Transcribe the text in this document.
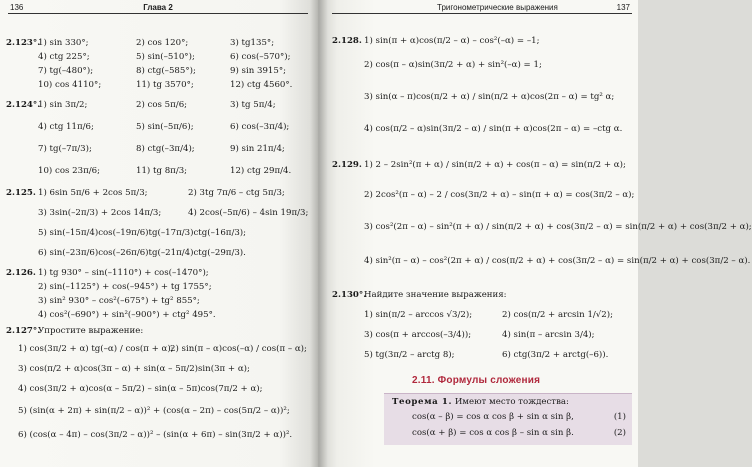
136	Глава 2
2.123°.
1) sin 330°;	2) cos 120°;	3) tg135°;
4) ctg 225°;	5) sin(–510°);	6) cos(–570°);
7) tg(–480°);	8) ctg(–585°);	9) sin 3915°;
10) cos 4110°;	11) tg 3570°;	12) ctg 4560°.
2.124°.
1) sin 3π/2;	2) cos 5π/6;	3) tg 5π/4;
4) ctg 11π/6;	5) sin(–5π/6);	6) cos(–3π/4);
7) tg(–7π/3);	8) ctg(–3π/4);	9) sin 21π/4;
10) cos 23π/6;	11) tg 8π/3;	12) ctg 29π/4.
2.125. 1) 6sin 5π/6 + 2cos 5π/3;	2) 3tg 7π/6 – ctg 5π/3;
3) 3sin(–2π/3) + 2cos 14π/3;	4) 2cos(–5π/6) – 4sin 19π/3;
5) sin(–15π/4)cos(–19π/6)tg(–17π/3)ctg(–16π/3);
6) sin(–23π/6)cos(–26π/6)tg(–21π/4)ctg(–29π/3).
2.126. 1) tg 930° – sin(–1110°) + cos(–1470°);
2) sin(–1125°) + cos(–945°) + tg 1755°;
3) sin² 930° – cos²(–675°) + tg² 855°;
4) cos²(–690°) + sin²(–900°) + ctg² 495°.
2.127°.
Упростите выражение:
1) cos(3π/2 + α) tg(–α) / cos(π + α);
2) sin(π – α)cos(–α) / cos(π – α);
3) cos(π/2 + α)cos(3π – α) + sin(α – 5π/2)sin(3π + α);
4) cos(3π/2 + α)cos(α – 5π/2) – sin(α – 5π)cos(7π/2 + α);
5) (sin(α + 2π) + sin(π/2 – α))² + (cos(α – 2π) – cos(5π/2 – α))²;
6) (cos(α – 4π) – cos(3π/2 – α))² – (sin(α + 6π) – sin(3π/2 + α))².
Тригонометрические выражения	137
2.128. 1) sin(π + α)cos(π/2 – α) – cos²(–α) = –1;
2) cos(π – α)sin(3π/2 + α) + sin²(–α) = 1;
3) sin(α – π)cos(π/2 + α) / sin(π/2 + α)cos(2π – α) = tg² α;
4) cos(π/2 – α)sin(3π/2 – α) / sin(π + α)cos(2π – α) = –ctg α.
2.129. 1) 2 – 2sin²(π + α) / sin(π/2 + α) + cos(π – α) = sin(π/2 + α);
2) 2cos²(π – α) – 2 / cos(3π/2 + α) – sin(π + α) = cos(3π/2 – α);
3) cos²(2π – α) – sin²(π + α) / sin(π/2 + α) + cos(3π/2 – α) = sin(π/2 + α) + cos(3π/2 + α);
4) sin²(π – α) – cos²(2π + α) / cos(π/2 + α) + cos(3π/2 – α) = sin(π/2 + α) + cos(3π/2 – α).
2.130°.
Найдите значение выражения:
1) sin(π/2 – arccos √3/2);	2) cos(π/2 + arcsin 1/√2);
3) cos(π + arccos(–3/4));	4) sin(π – arcsin 3/4);
5) tg(3π/2 – arctg 8);	6) ctg(3π/2 + arctg(–6)).
2.11. Формулы сложения
Теорема 1. Имеют место тождества:
cos(α – β) = cos α cos β + sin α sin β,	(1)
cos(α + β) = cos α cos β – sin α sin β.	(2)
